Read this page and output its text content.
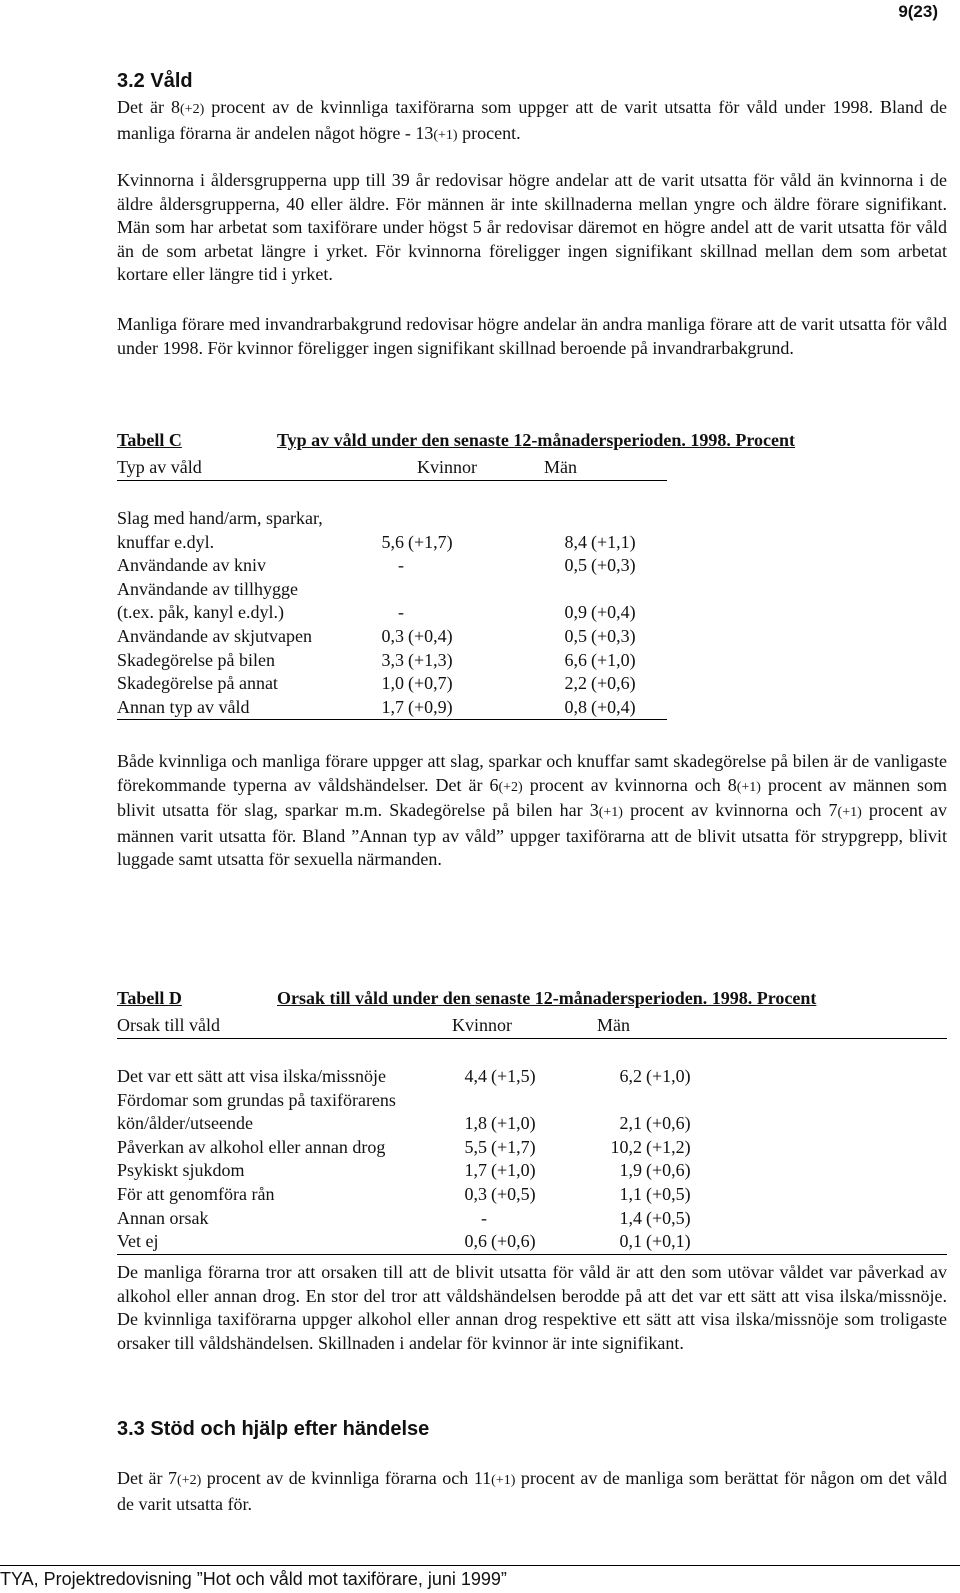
9(23)
3.2 Våld

Det är 8(+2) procent av de kvinnliga taxiförarna som uppger att de varit utsatta för våld under 1998. Bland de manliga förarna är andelen något högre - 13(+1) procent.

Kvinnorna i åldersgrupperna upp till 39 år redovisar högre andelar att de varit utsatta för våld än kvinnorna i de äldre åldersgrupperna, 40 eller äldre. För männen är inte skillnaderna mellan yngre och äldre förare signifikant. Män som har arbetat som taxiförare under högst 5 år redovisar däremot en högre andel att de varit utsatta för våld än de som arbetat längre i yrket. För kvinnorna föreligger ingen signifikant skillnad mellan dem som arbetat kortare eller längre tid i yrket.

Manliga förare med invandrarbakgrund redovisar högre andelar än andra manliga förare att de varit utsatta för våld under 1998. För kvinnor föreligger ingen signifikant skillnad beroende på invandrarbakgrund.

Tabell C	Typ av våld under den senaste 12-månadersperioden. 1998. Procent
Typ av våld	Kvinnor		Män	

Slag med hand/arm, sparkar,				
knuffar e.dyl.	5,6	(+1,7)	8,4	(+1,1)
Användande av kniv	-		0,5	(+0,3)
Användande av tillhygge				
(t.ex. påk, kanyl e.dyl.)	-		0,9	(+0,4)
Användande av skjutvapen	0,3	(+0,4)	0,5	(+0,3)
Skadegörelse på bilen	3,3	(+1,3)	6,6	(+1,0)
Skadegörelse på annat	1,0	(+0,7)	2,2	(+0,6)
Annan typ av våld	1,7	(+0,9)	0,8	(+0,4)

Både kvinnliga och manliga förare uppger att slag, sparkar och knuffar samt skadegörelse på bilen är de vanligaste förekommande typerna av våldshändelser. Det är 6(+2) procent av kvinnorna och 8(+1) procent av männen som blivit utsatta för slag, sparkar m.m. Skadegörelse på bilen har 3(+1) procent av kvinnorna och 7(+1) procent av männen varit utsatta för. Bland ”Annan typ av våld” uppger taxiförarna att de blivit utsatta för strypgrepp, blivit luggade samt utsatta för sexuella närmanden.

Tabell D	Orsak till våld under den senaste 12-månadersperioden. 1998. Procent
Orsak till våld	Kvinnor		Män	

Det var ett sätt att visa ilska/missnöje	4,4	(+1,5)	6,2	(+1,0)
Fördomar som grundas på taxiförarens				
kön/ålder/utseende	1,8	(+1,0)	2,1	(+0,6)
Påverkan av alkohol eller annan drog	5,5	(+1,7)	10,2	(+1,2)
Psykiskt sjukdom	1,7	(+1,0)	1,9	(+0,6)
För att genomföra rån	0,3	(+0,5)	1,1	(+0,5)
Annan orsak	-		1,4	(+0,5)
Vet ej	0,6	(+0,6)	0,1	(+0,1)

De manliga förarna tror att orsaken till att de blivit utsatta för våld är att den som utövar våldet var påverkad av alkohol eller annan drog. En stor del tror att våldshändelsen berodde på att det var ett sätt att visa ilska/missnöje. De kvinnliga taxiförarna uppger alkohol eller annan drog respektive ett sätt att visa ilska/missnöje som troligaste orsaker till våldshändelsen. Skillnaden i andelar för kvinnor är inte signifikant.

3.3 Stöd och hjälp efter händelse

Det är 7(+2) procent av de kvinnliga förarna och 11(+1) procent av de manliga som berättat för någon om det våld de varit utsatta för.

TYA, Projektredovisning ”Hot och våld mot taxiförare, juni 1999”
